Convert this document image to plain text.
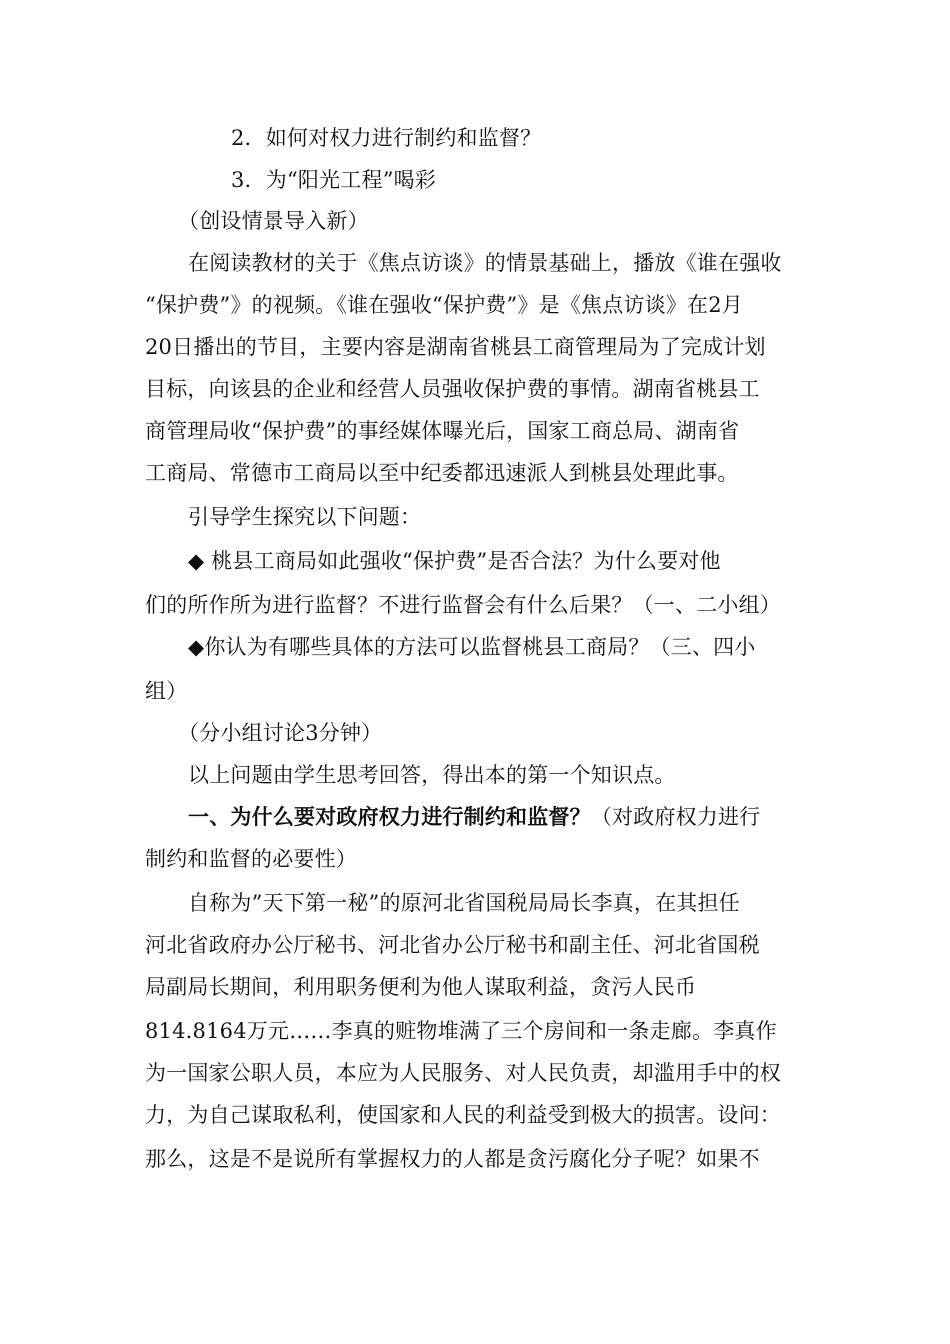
2．如何对权力进行制约和监督？
3．为“阳光工程”喝彩
（创设情景导入新）
在阅读教材的关于《焦点访谈》的情景基础上，播放《谁在强收
“保护费”》的视频。《谁在强收“保护费”》是《焦点访谈》在2月
20日播出的节目，主要内容是湖南省桃县工商管理局为了完成计划
目标，向该县的企业和经营人员强收保护费的事情。湖南省桃县工
商管理局收“保护费”的事经媒体曝光后，国家工商总局、湖南省
工商局、常德市工商局以至中纪委都迅速派人到桃县处理此事。
引导学生探究以下问题：
◆ 桃县工商局如此强收“保护费”是否合法？为什么要对他
们的所作所为进行监督？不进行监督会有什么后果？（一、二小组）
◆你认为有哪些具体的方法可以监督桃县工商局？（三、四小
组）
（分小组讨论3分钟）
以上问题由学生思考回答，得出本的第一个知识点。
一、为什么要对政府权力进行制约和监督？（对政府权力进行
制约和监督的必要性）
自称为”天下第一秘”的原河北省国税局局长李真，在其担任
河北省政府办公厅秘书、河北省办公厅秘书和副主任、河北省国税
局副局长期间，利用职务便利为他人谋取利益，贪污人民币
814.8164万元……李真的赃物堆满了三个房间和一条走廊。李真作
为一国家公职人员，本应为人民服务、对人民负责，却滥用手中的权
力，为自己谋取私利，使国家和人民的利益受到极大的损害。设问：
那么，这是不是说所有掌握权力的人都是贪污腐化分子呢？如果不
